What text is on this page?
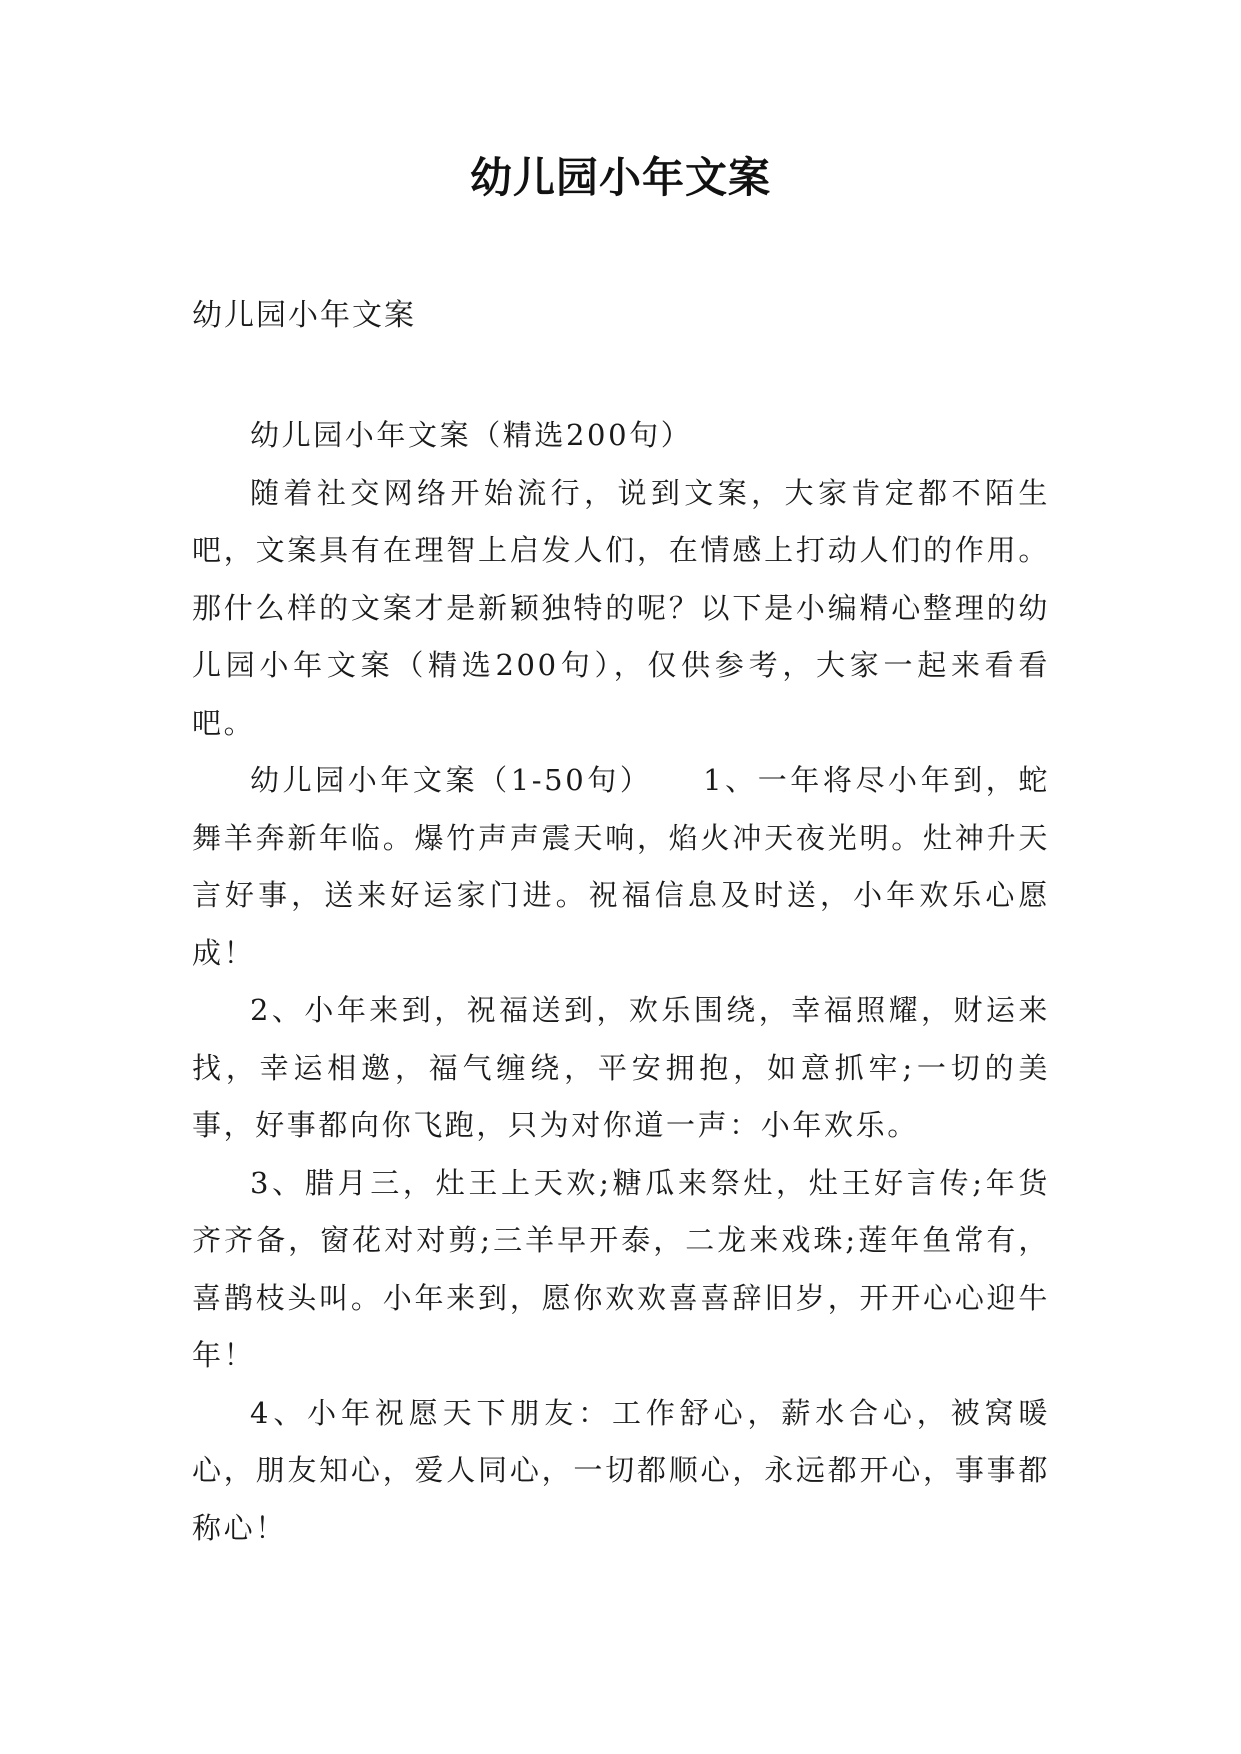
幼儿园小年文案
幼儿园小年文案

幼儿园小年文案（精选200句）

随着社交网络开始流行，说到文案，大家肯定都不陌生吧，文案具有在理智上启发人们，在情感上打动人们的作用。那什么样的文案才是新颖独特的呢？以下是小编精心整理的幼儿园小年文案（精选200句），仅供参考，大家一起来看看吧。

幼儿园小年文案（1-50句）　　1、一年将尽小年到，蛇舞羊奔新年临。爆竹声声震天响，焰火冲天夜光明。灶神升天言好事，送来好运家门进。祝福信息及时送，小年欢乐心愿成！

2、小年来到，祝福送到，欢乐围绕，幸福照耀，财运来找，幸运相邀，福气缠绕，平安拥抱，如意抓牢;一切的美事，好事都向你飞跑，只为对你道一声：小年欢乐。

3、腊月三，灶王上天欢;糖瓜来祭灶，灶王好言传;年货齐齐备，窗花对对剪;三羊早开泰，二龙来戏珠;莲年鱼常有，喜鹊枝头叫。小年来到，愿你欢欢喜喜辞旧岁，开开心心迎牛年！

4、小年祝愿天下朋友：工作舒心，薪水合心，被窝暖心，朋友知心，爱人同心，一切都顺心，永远都开心，事事都称心！
